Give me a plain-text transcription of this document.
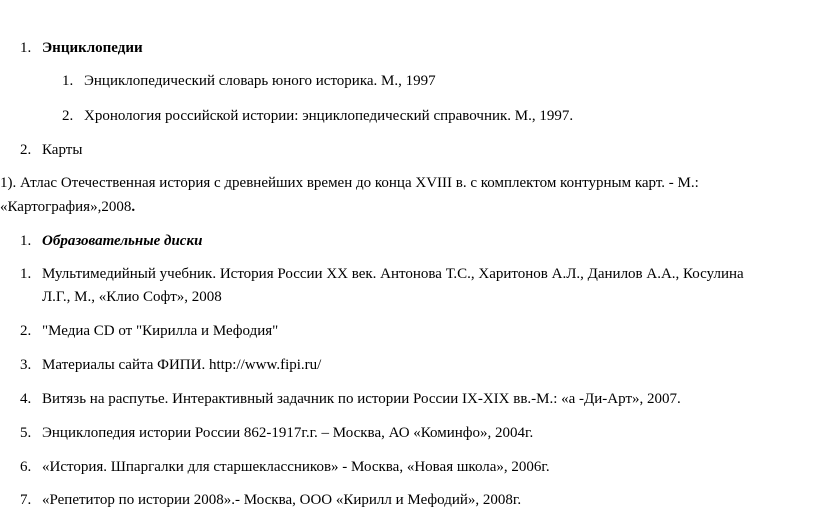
1. Энциклопедии
1. Энциклопедический словарь юного историка. М., 1997
2. Хронология российской истории: энциклопедический справочник. М., 1997.
2. Карты
1). Атлас Отечественная история с древнейших времен до конца XVIII в. с комплектом контурным карт. - М.:
«Картография»,2008.
1. Образовательные диски
1. Мультимедийный учебник. История России XX век. Антонова Т.С., Харитонов А.Л., Данилов А.А., Косулина
Л.Г., М., «Клио Софт», 2008
2. "Медиа CD от "Кирилла и Мефодия"
3. Материалы сайта ФИПИ. http://www.fipi.ru/
4. Витязь на распутье. Интерактивный задачник по истории России IX-XIX вв.-М.: «а -Ди-Арт», 2007.
5. Энциклопедия истории России 862-1917г.г. – Москва, АО «Коминфо», 2004г.
6. «История. Шпаргалки для старшеклассников» - Москва, «Новая школа», 2006г.
7. «Репетитор по истории 2008».- Москва, ООО «Кирилл и Мефодий», 2008г.
